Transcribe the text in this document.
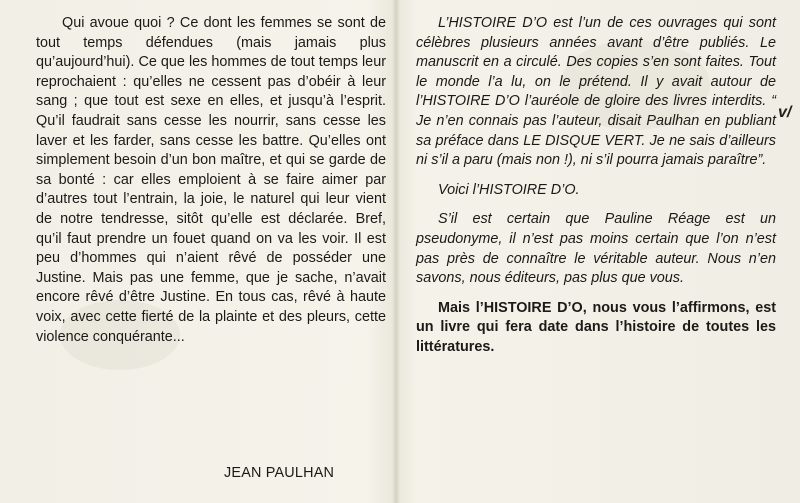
Qui avoue quoi ? Ce dont les femmes se sont de tout temps défendues (mais jamais plus qu’aujourd’hui). Ce que les hommes de tout temps leur reprochaient : qu’elles ne cessent pas d’obéir à leur sang ; que tout est sexe en elles, et jusqu’à l’esprit. Qu’il faudrait sans cesse les nourrir, sans cesse les laver et les farder, sans cesse les battre. Qu’elles ont simplement besoin d’un bon maître, et qui se garde de sa bonté : car elles emploient à se faire aimer par d’autres tout l’entrain, la joie, le naturel qui leur vient de notre tendresse, sitôt qu’elle est déclarée. Bref, qu’il faut prendre un fouet quand on va les voir. Il est peu d’hommes qui n’aient rêvé de posséder une Justine. Mais pas une femme, que je sache, n’avait encore rêvé d’être Justine. En tous cas, rêvé à haute voix, avec cette fierté de la plainte et des pleurs, cette violence conquérante...

JEAN PAULHAN

L’HISTOIRE D’O est l’un de ces ouvrages qui sont célèbres plusieurs années avant d’être publiés. Le manuscrit en a circulé. Des copies s’en sont faites. Tout le monde l’a lu, on le prétend. Il y avait autour de l’HISTOIRE D’O l’auréole de gloire des livres interdits. “ Je n’en connais pas l’auteur, disait Paulhan en publiant sa préface dans LE DISQUE VERT. Je ne sais d’ailleurs ni s’il a paru (mais non !), ni s’il pourra jamais paraître”.

Voici l’HISTOIRE D’O.

S’il est certain que Pauline Réage est un pseudonyme, il n’est pas moins certain que l’on n’est pas près de connaître le véritable auteur. Nous n’en savons, nous éditeurs, pas plus que vous.

Mais l’HISTOIRE D’O, nous vous l’affirmons, est un livre qui fera date dans l’histoire de toutes les littératures.

v/
